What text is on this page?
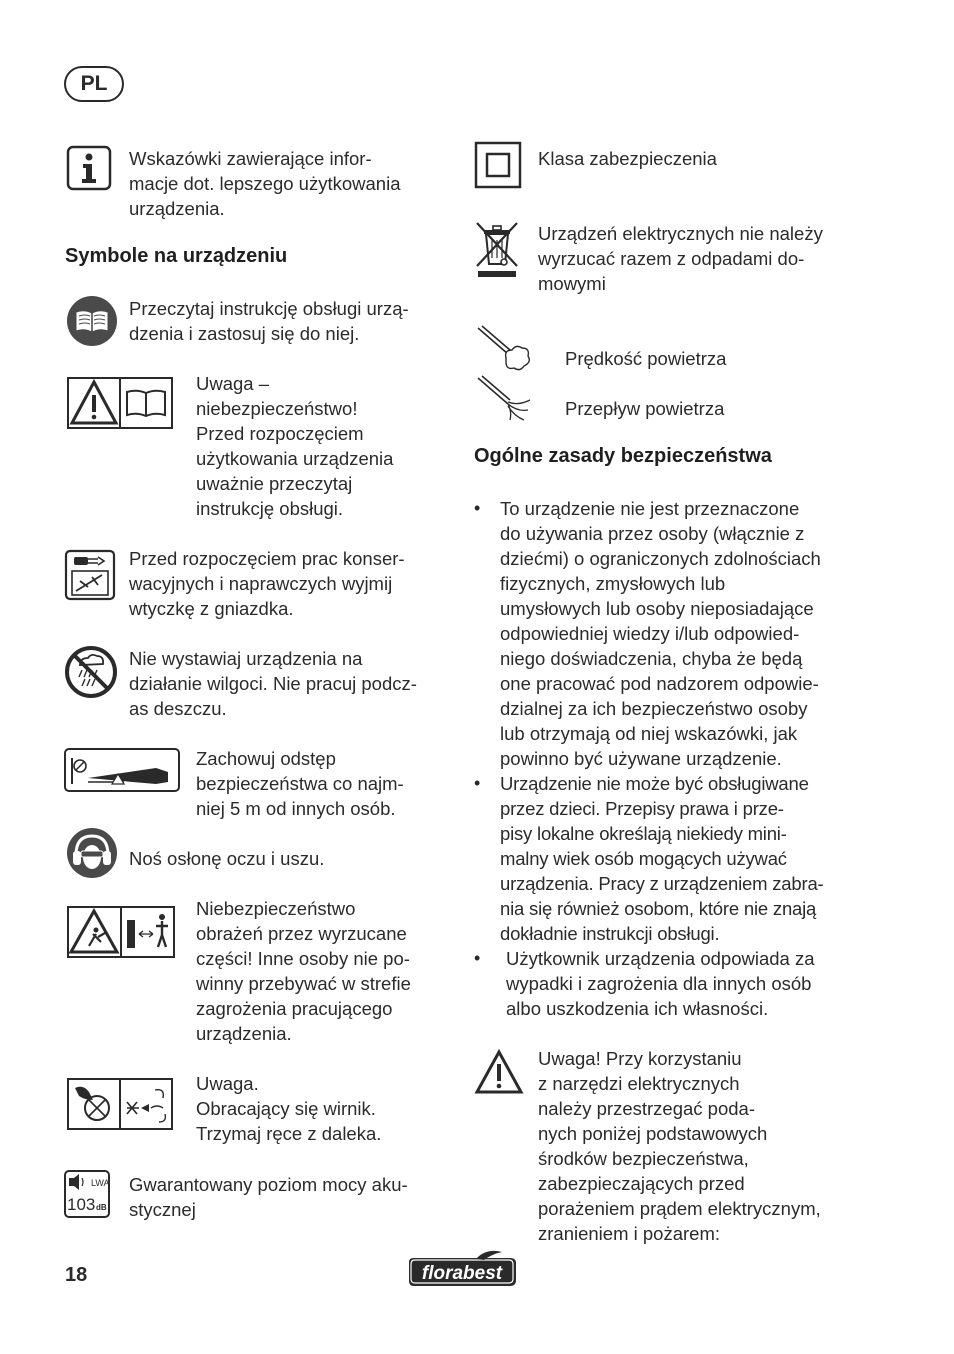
PL
Wskazówki zawierające infor-
macje dot. lepszego użytkowania
urządzenia.
Symbole na urządzeniu
Przeczytaj instrukcję obsługi urzą-
dzenia i zastosuj się do niej.
Uwaga –
niebezpieczeństwo!
Przed rozpoczęciem
użytkowania urządzenia
uważnie przeczytaj
instrukcję obsługi.
Przed rozpoczęciem prac konser-
wacyjnych i naprawczych wyjmij
wtyczkę z gniazdka.
Nie wystawiaj urządzenia na
działanie wilgoci. Nie pracuj podcz-
as deszczu.
Zachowuj odstęp
bezpieczeństwa co najm-
niej 5 m od innych osób.
Noś osłonę oczu i uszu.
Niebezpieczeństwo
obrażeń przez wyrzucane
części! Inne osoby nie po-
winny przebywać w strefie
zagrożenia pracującego
urządzenia.
Uwaga.
Obracający się wirnik.
Trzymaj ręce z daleka.
LWA
103 dB
Gwarantowany poziom mocy aku-
stycznej
Klasa zabezpieczenia
Urządzeń elektrycznych nie należy
wyrzucać razem z odpadami do-
mowymi
Prędkość powietrza
Przepływ powietrza
Ogólne zasady bezpieczeństwa
• To urządzenie nie jest przeznaczone
do używania przez osoby (włącznie z
dziećmi) o ograniczonych zdolnościach
fizycznych, zmysłowych lub
umysłowych lub osoby nieposiadające
odpowiedniej wiedzy i/lub odpowied-
niego doświadczenia, chyba że będą
one pracować pod nadzorem odpowie-
dzialnej za ich bezpieczeństwo osoby
lub otrzymają od niej wskazówki, jak
powinno być używane urządzenie.
• Urządzenie nie może być obsługiwane
przez dzieci. Przepisy prawa i prze-
pisy lokalne określają niekiedy mini-
malny wiek osób mogących używać
urządzenia. Pracy z urządzeniem zabra-
nia się również osobom, które nie znają
dokładnie instrukcji obsługi.
• Użytkownik urządzenia odpowiada za
wypadki i zagrożenia dla innych osób
albo uszkodzenia ich własności.
Uwaga! Przy korzystaniu
z narzędzi elektrycznych
należy przestrzegać poda-
nych poniżej podstawowych
środków bezpieczeństwa,
zabezpieczających przed
porażeniem prądem elektrycznym,
zranieniem i pożarem:
18	florabest
